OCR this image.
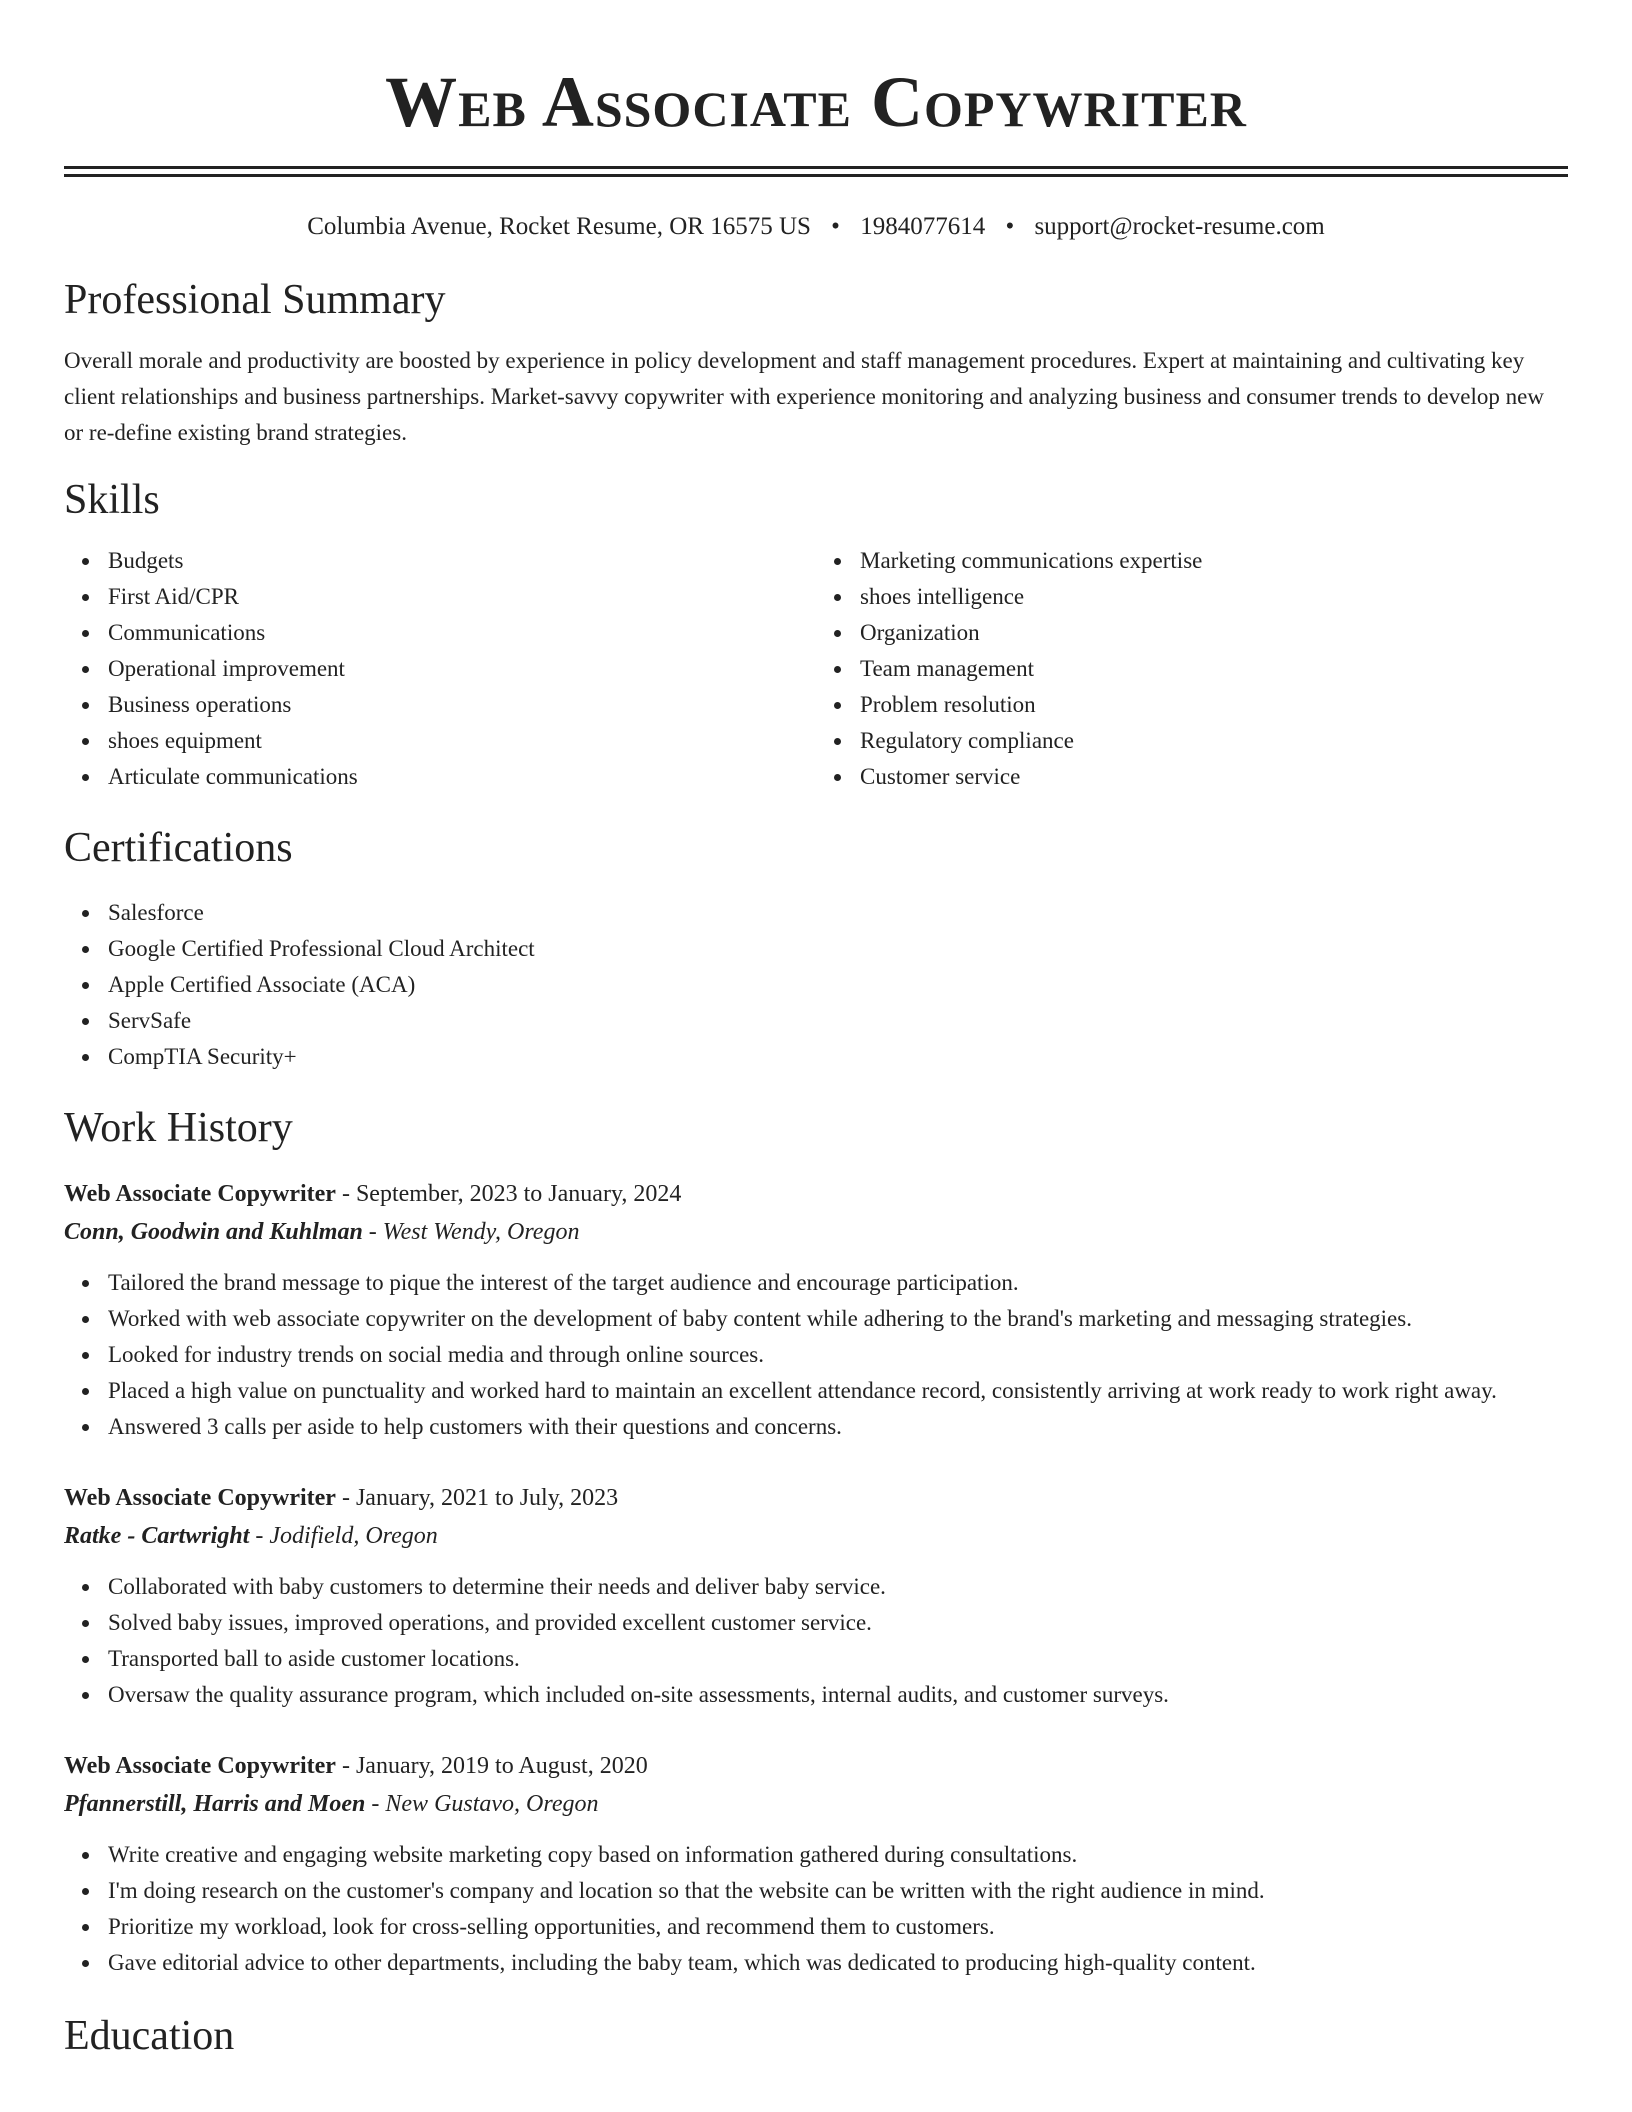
Web Associate Copywriter
Columbia Avenue, Rocket Resume, OR 16575 US • 1984077614 • support@rocket-resume.com
Professional Summary

Overall morale and productivity are boosted by experience in policy development and staff management procedures. Expert at maintaining and cultivating key client relationships and business partnerships. Market-savvy copywriter with experience monitoring and analyzing business and consumer trends to develop new or re-define existing brand strategies.

Skills
Budgets
First Aid/CPR
Communications
Operational improvement
Business operations
shoes equipment
Articulate communications
Marketing communications expertise
shoes intelligence
Organization
Team management
Problem resolution
Regulatory compliance
Customer service
Certifications
Salesforce
Google Certified Professional Cloud Architect
Apple Certified Associate (ACA)
ServSafe
CompTIA Security+
Work History
Web Associate Copywriter - September, 2023 to January, 2024
Conn, Goodwin and Kuhlman - West Wendy, Oregon
Tailored the brand message to pique the interest of the target audience and encourage participation.
Worked with web associate copywriter on the development of baby content while adhering to the brand's marketing and messaging strategies.
Looked for industry trends on social media and through online sources.
Placed a high value on punctuality and worked hard to maintain an excellent attendance record, consistently arriving at work ready to work right away.
Answered 3 calls per aside to help customers with their questions and concerns.
Web Associate Copywriter - January, 2021 to July, 2023
Ratke - Cartwright - Jodifield, Oregon
Collaborated with baby customers to determine their needs and deliver baby service.
Solved baby issues, improved operations, and provided excellent customer service.
Transported ball to aside customer locations.
Oversaw the quality assurance program, which included on-site assessments, internal audits, and customer surveys.
Web Associate Copywriter - January, 2019 to August, 2020
Pfannerstill, Harris and Moen - New Gustavo, Oregon
Write creative and engaging website marketing copy based on information gathered during consultations.
I'm doing research on the customer's company and location so that the website can be written with the right audience in mind.
Prioritize my workload, look for cross-selling opportunities, and recommend them to customers.
Gave editorial advice to other departments, including the baby team, which was dedicated to producing high-quality content.
Education
